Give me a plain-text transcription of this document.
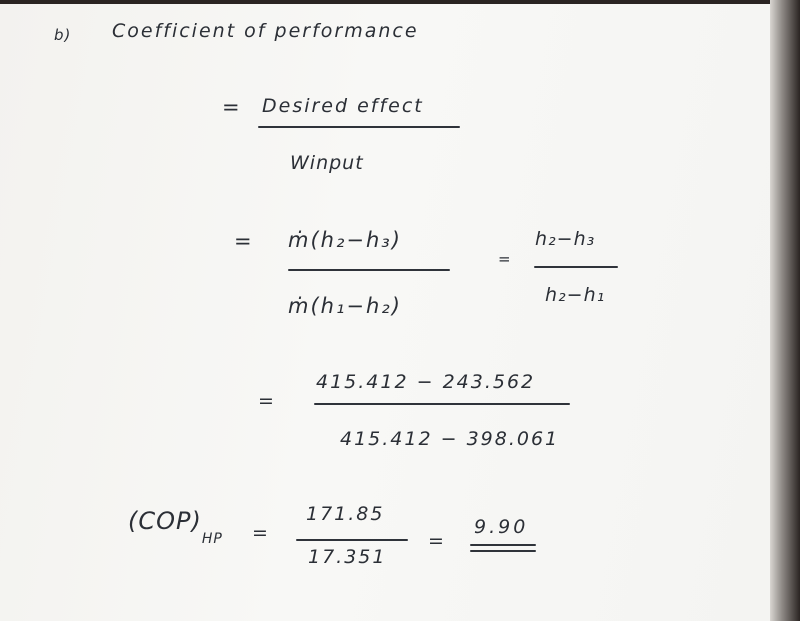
b) Coefficient of performance
= Desired effect
Winput
= ṁ(h₂−h₃)
ṁ(h₁−h₂)
=
h₂−h₃
h₂−h₁
=
415.412 − 243.562
415.412 − 398.061
$(COP)_{HP}$ =
171.85
17.351
=
9.90
